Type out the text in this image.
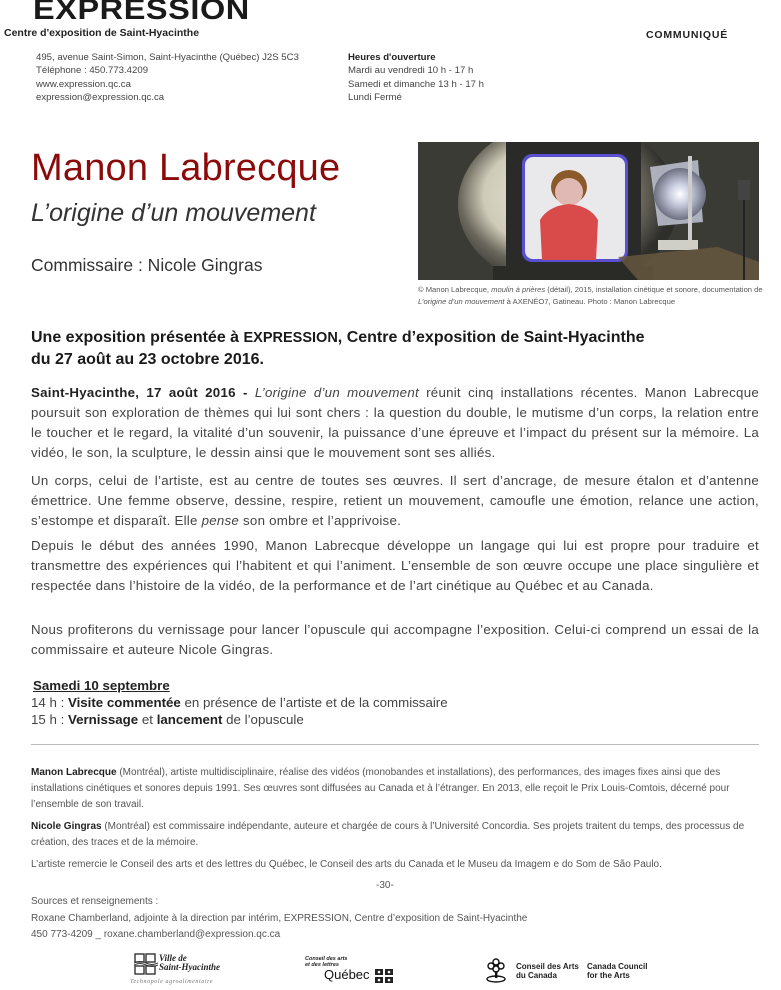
EXPRESSION
Centre d'exposition de Saint-Hyacinthe	COMMUNIQUÉ
495, avenue Saint-Simon, Saint-Hyacinthe (Québec) J2S 5C3
Téléphone : 450.773.4209
www.expression.qc.ca
expression@expression.qc.ca
Heures d'ouverture
Mardi au vendredi 10 h - 17 h
Samedi et dimanche 13 h - 17 h
Lundi Fermé
Manon Labrecque
L’origine d’un mouvement
Commissaire : Nicole Gingras
© Manon Labrecque, moulin à prières (détail), 2015, installation cinétique et sonore, documentation de L’origine d’un mouvement à AXENÉO7, Gatineau. Photo : Manon Labrecque
Une exposition présentée à EXPRESSION, Centre d’exposition de Saint-Hyacinthe
du 27 août au 23 octobre 2016.
Saint-Hyacinthe, 17 août 2016 - L’origine d’un mouvement réunit cinq installations récentes. Manon Labrecque poursuit son exploration de thèmes qui lui sont chers : la question du double, le mutisme d’un corps, la relation entre le toucher et le regard, la vitalité d’un souvenir, la puissance d’une épreuve et l’impact du présent sur la mémoire. La vidéo, le son, la sculpture, le dessin ainsi que le mouvement sont ses alliés.
Un corps, celui de l’artiste, est au centre de toutes ses œuvres. Il sert d’ancrage, de mesure étalon et d’antenne émettrice. Une femme observe, dessine, respire, retient un mouvement, camoufle une émotion, relance une action, s’estompe et disparaît. Elle pense son ombre et l’apprivoise.
Depuis le début des années 1990, Manon Labrecque développe un langage qui lui est propre pour traduire et transmettre des expériences qui l’habitent et qui l’animent. L’ensemble de son œuvre occupe une place singulière et respectée dans l’histoire de la vidéo, de la performance et de l’art cinétique au Québec et au Canada.
Nous profiterons du vernissage pour lancer l’opuscule qui accompagne l’exposition. Celui-ci comprend un essai de la commissaire et auteure Nicole Gingras.
Samedi 10 septembre
14 h : Visite commentée en présence de l’artiste et de la commissaire
15 h : Vernissage et lancement de l’opuscule
Manon Labrecque (Montréal), artiste multidisciplinaire, réalise des vidéos (monobandes et installations), des performances, des images fixes ainsi que des installations cinétiques et sonores depuis 1991. Ses œuvres sont diffusées au Canada et à l’étranger. En 2013, elle reçoit le Prix Louis-Comtois, décerné pour l’ensemble de son travail.
Nicole Gingras (Montréal) est commissaire indépendante, auteure et chargée de cours à l’Université Concordia. Ses projets traitent du temps, des processus de création, des traces et de la mémoire.
L’artiste remercie le Conseil des arts et des lettres du Québec, le Conseil des arts du Canada et le Museu da Imagem e do Som de São Paulo.
-30-
Sources et renseignements :
Roxane Chamberland, adjointe à la direction par intérim, EXPRESSION, Centre d’exposition de Saint-Hyacinthe
450 773-4209 _ roxane.chamberland@expression.qc.ca
Ville de
Saint-Hyacinthe
Technopole agroalimentaire
Conseil des arts
et des lettres
Québec
Conseil des Arts
du Canada
Canada Council
for the Arts
